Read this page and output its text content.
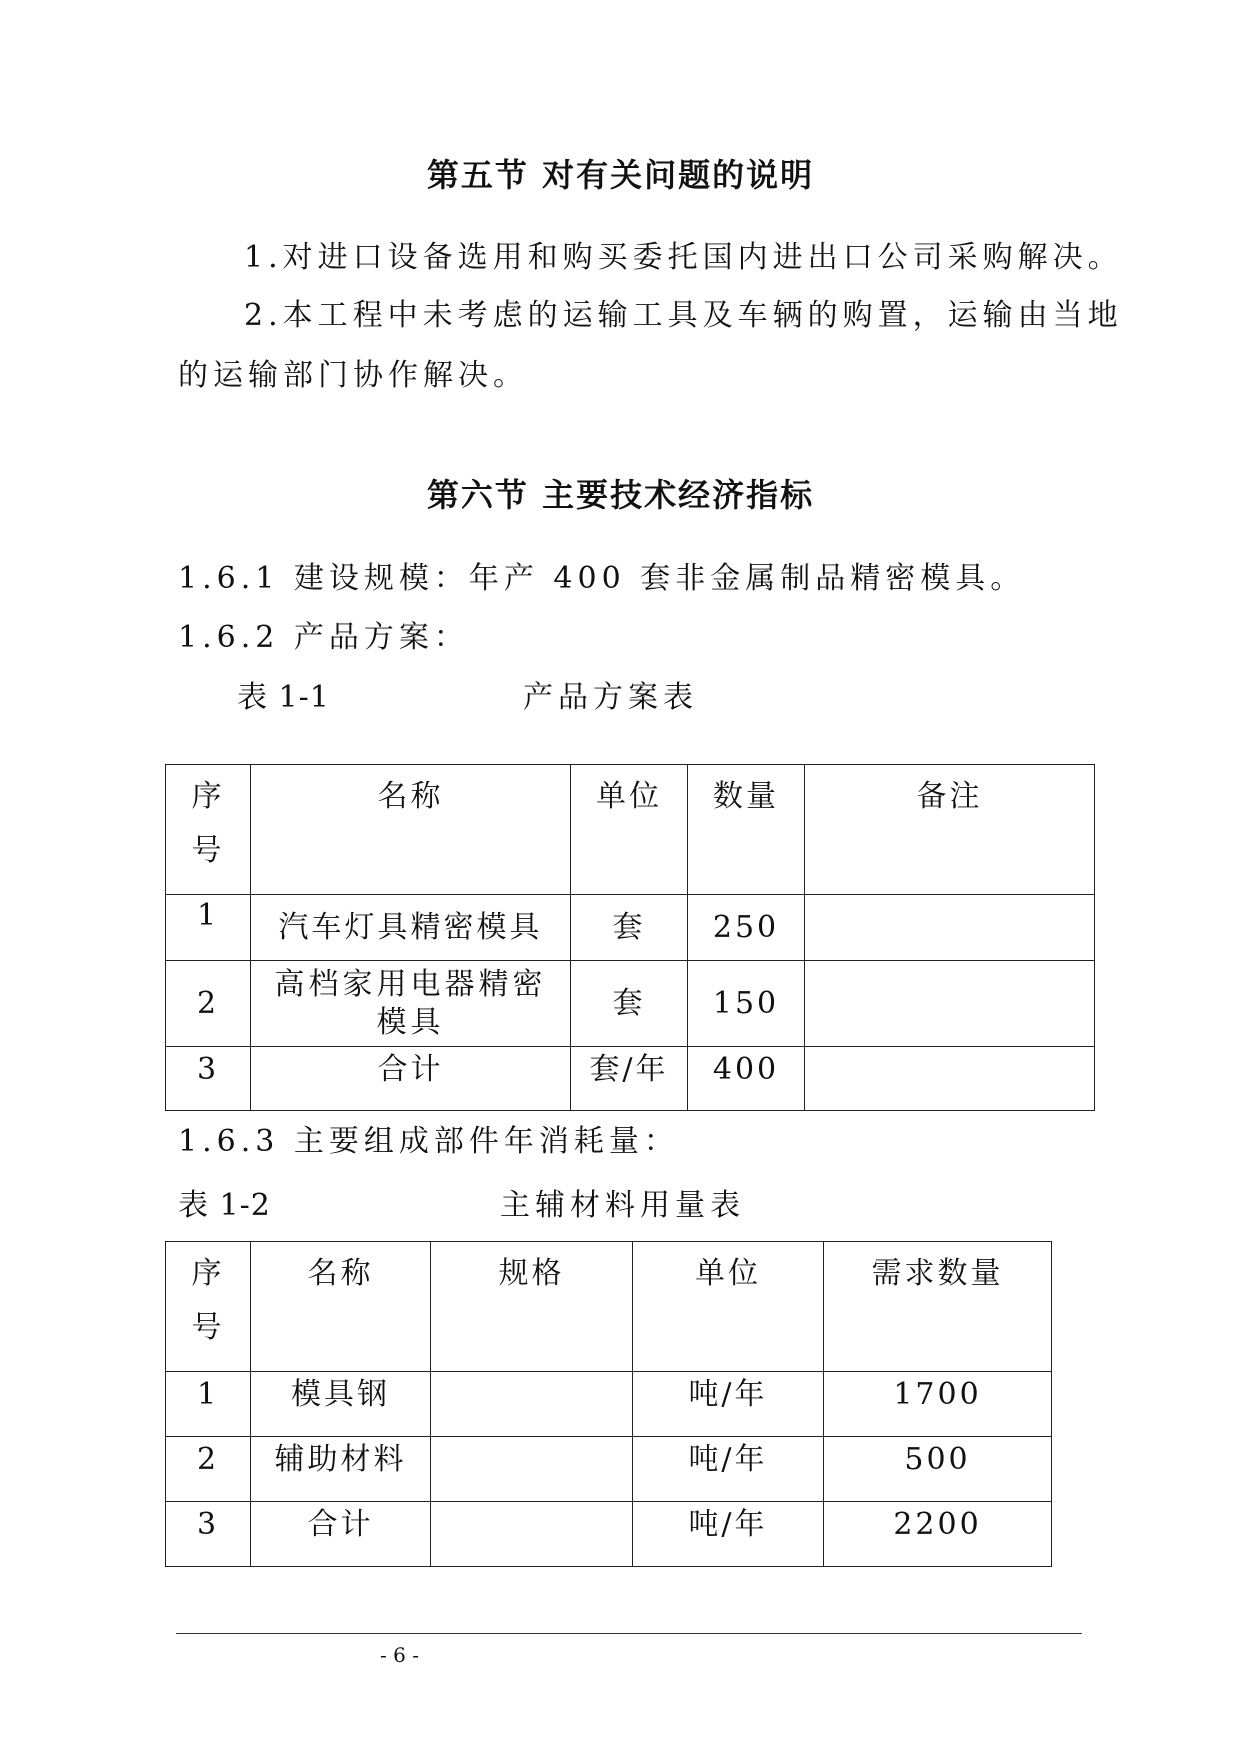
第五节 对有关问题的说明
1.对进口设备选用和购买委托国内进出口公司采购解决。
2.本工程中未考虑的运输工具及车辆的购置，运输由当地
的运输部门协作解决。
第六节 主要技术经济指标
1.6.1 建设规模：年产 400 套非金属制品精密模具。
1.6.2 产品方案：
表 1-1	产品方案表
序
号	名称	单位	数量	备注

1	汽车灯具精密模具	套	250	
2	高档家用电器精密模具	套	150	
3	合计	套/年	400	
1.6.3 主要组成部件年消耗量：
表 1-2	主辅材料用量表
序
号	名称	规格	单位	需求数量

1	模具钢		吨/年	1700
2	辅助材料		吨/年	500
3	合计		吨/年	2200
- 6 -
